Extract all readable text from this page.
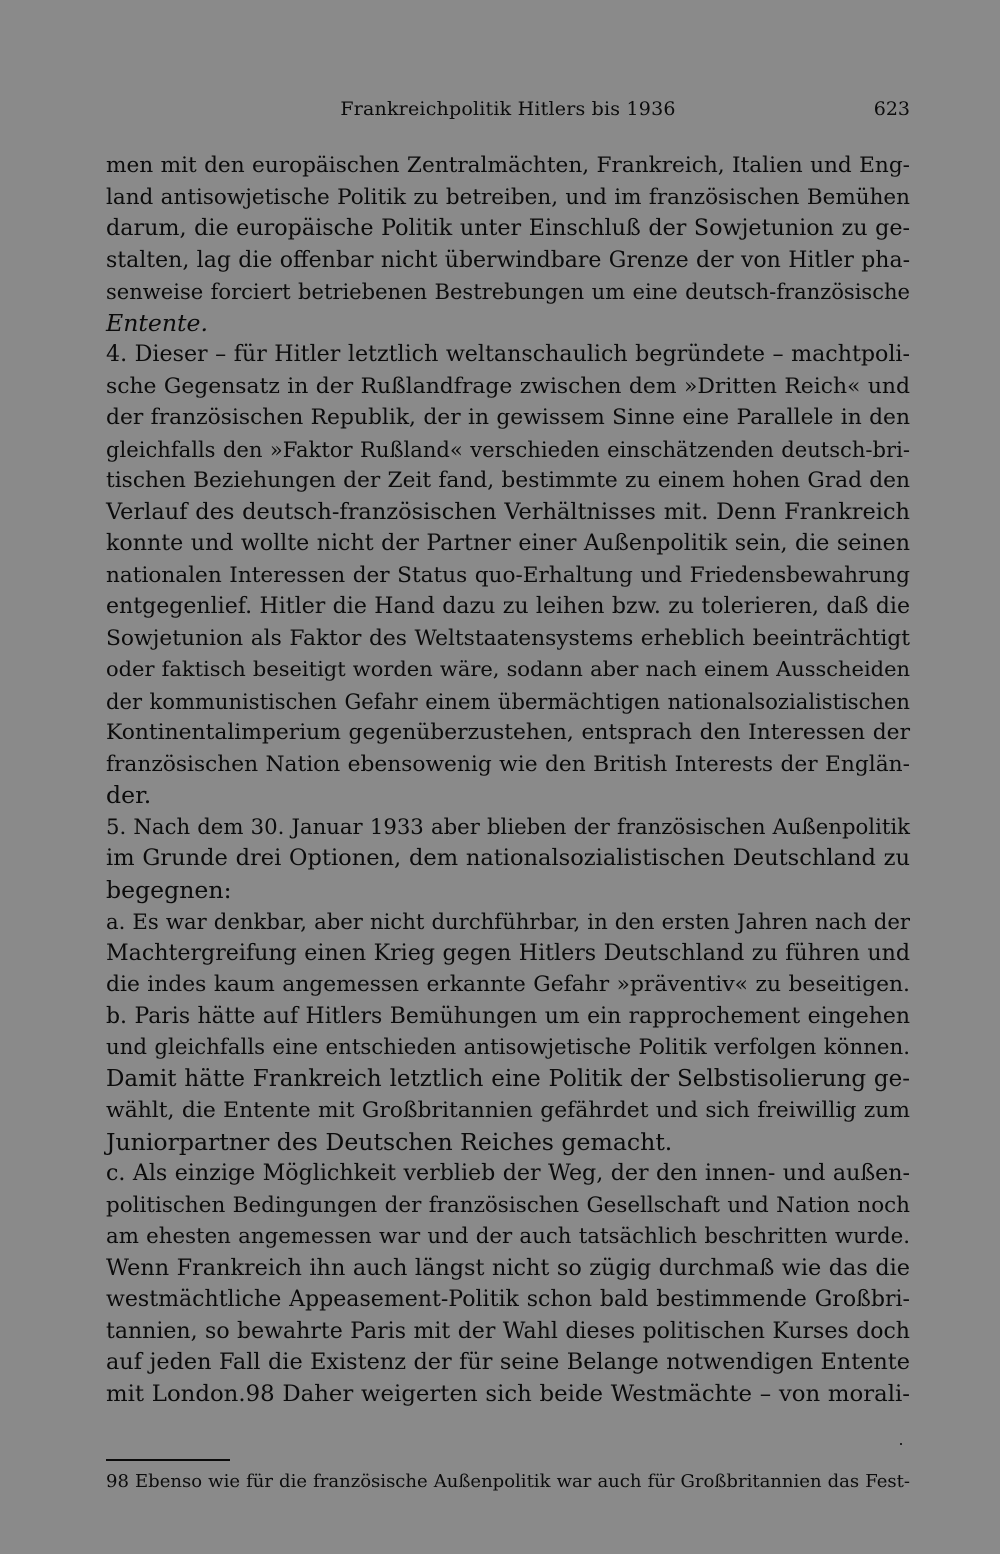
Frankreichpolitik Hitlers bis 1936	623
men mit den europäischen Zentralmächten, Frankreich, Italien und Eng-
land antisowjetische Politik zu betreiben, und im französischen Bemühen
darum, die europäische Politik unter Einschluß der Sowjetunion zu ge-
stalten, lag die offenbar nicht überwindbare Grenze der von Hitler pha-
senweise forciert betriebenen Bestrebungen um eine deutsch-französische
Entente.
4. Dieser – für Hitler letztlich weltanschaulich begründete – machtpoli-
sche Gegensatz in der Rußlandfrage zwischen dem »Dritten Reich« und
der französischen Republik, der in gewissem Sinne eine Parallele in den
gleichfalls den »Faktor Rußland« verschieden einschätzenden deutsch-bri-
tischen Beziehungen der Zeit fand, bestimmte zu einem hohen Grad den
Verlauf des deutsch-französischen Verhältnisses mit. Denn Frankreich
konnte und wollte nicht der Partner einer Außenpolitik sein, die seinen
nationalen Interessen der Status quo-Erhaltung und Friedensbewahrung
entgegenlief. Hitler die Hand dazu zu leihen bzw. zu tolerieren, daß die
Sowjetunion als Faktor des Weltstaatensystems erheblich beeinträchtigt
oder faktisch beseitigt worden wäre, sodann aber nach einem Ausscheiden
der kommunistischen Gefahr einem übermächtigen nationalsozialistischen
Kontinentalimperium gegenüberzustehen, entsprach den Interessen der
französischen Nation ebensowenig wie den British Interests der Englän-
der.
5. Nach dem 30. Januar 1933 aber blieben der französischen Außenpolitik
im Grunde drei Optionen, dem nationalsozialistischen Deutschland zu
begegnen:
a. Es war denkbar, aber nicht durchführbar, in den ersten Jahren nach der
Machtergreifung einen Krieg gegen Hitlers Deutschland zu führen und
die indes kaum angemessen erkannte Gefahr »präventiv« zu beseitigen.
b. Paris hätte auf Hitlers Bemühungen um ein rapprochement eingehen
und gleichfalls eine entschieden antisowjetische Politik verfolgen können.
Damit hätte Frankreich letztlich eine Politik der Selbstisolierung ge-
wählt, die Entente mit Großbritannien gefährdet und sich freiwillig zum
Juniorpartner des Deutschen Reiches gemacht.
c. Als einzige Möglichkeit verblieb der Weg, der den innen- und außen-
politischen Bedingungen der französischen Gesellschaft und Nation noch
am ehesten angemessen war und der auch tatsächlich beschritten wurde.
Wenn Frankreich ihn auch längst nicht so zügig durchmaß wie das die
westmächtliche Appeasement-Politik schon bald bestimmende Großbri-
tannien, so bewahrte Paris mit der Wahl dieses politischen Kurses doch
auf jeden Fall die Existenz der für seine Belange notwendigen Entente
mit London.98 Daher weigerten sich beide Westmächte – von morali-
98 Ebenso wie für die französische Außenpolitik war auch für Großbritannien das Fest-
